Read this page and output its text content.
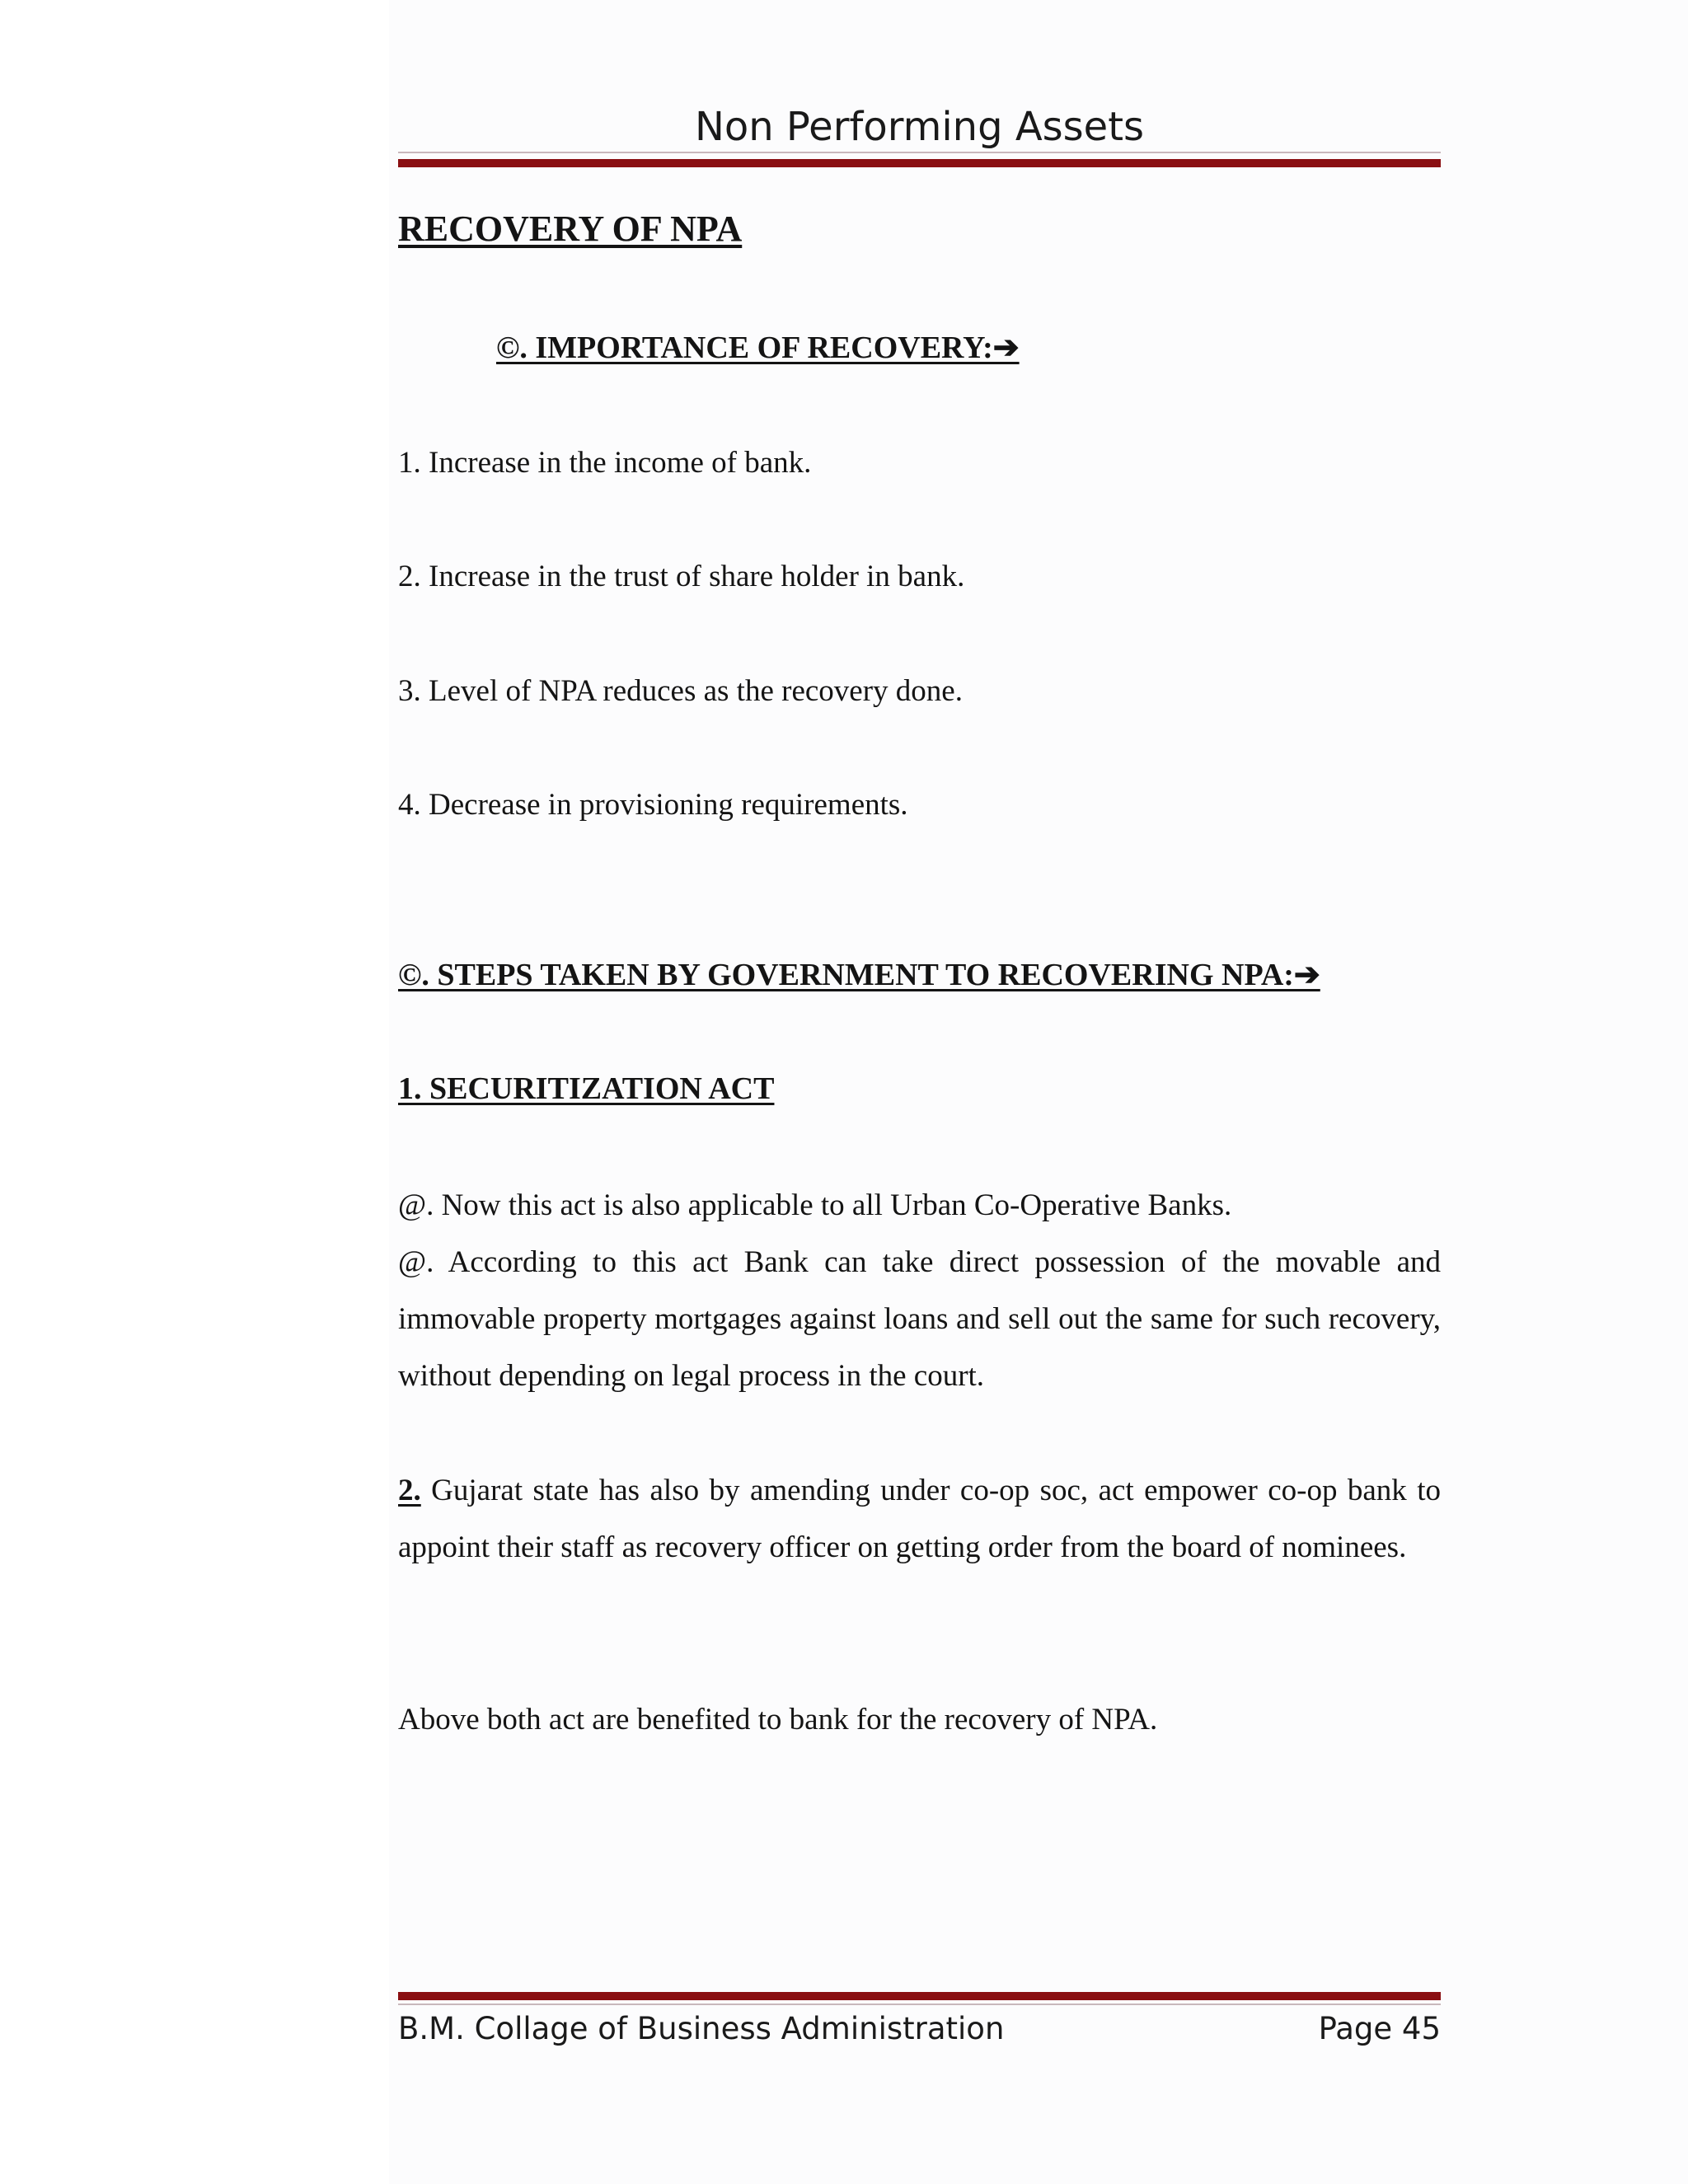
Non Performing Assets
RECOVERY OF NPA
©. IMPORTANCE OF RECOVERY:➔
1. Increase in the income of bank.
2. Increase in the trust of share holder in bank.
3. Level of NPA reduces as the recovery done.
4. Decrease in provisioning requirements.
©. STEPS TAKEN BY GOVERNMENT TO RECOVERING NPA:➔
1. SECURITIZATION ACT
@. Now this act is also applicable to all Urban Co-Operative Banks.
@. According to this act Bank can take direct possession of the movable and immovable property mortgages against loans and sell out the same for such recovery, without depending on legal process in the court.
2. Gujarat state has also by amending under co-op soc, act empower co-op bank to appoint their staff as recovery officer on getting order from the board of nominees.
Above both act are benefited to bank for the recovery of NPA.
B.M. Collage of Business Administration	Page 45
